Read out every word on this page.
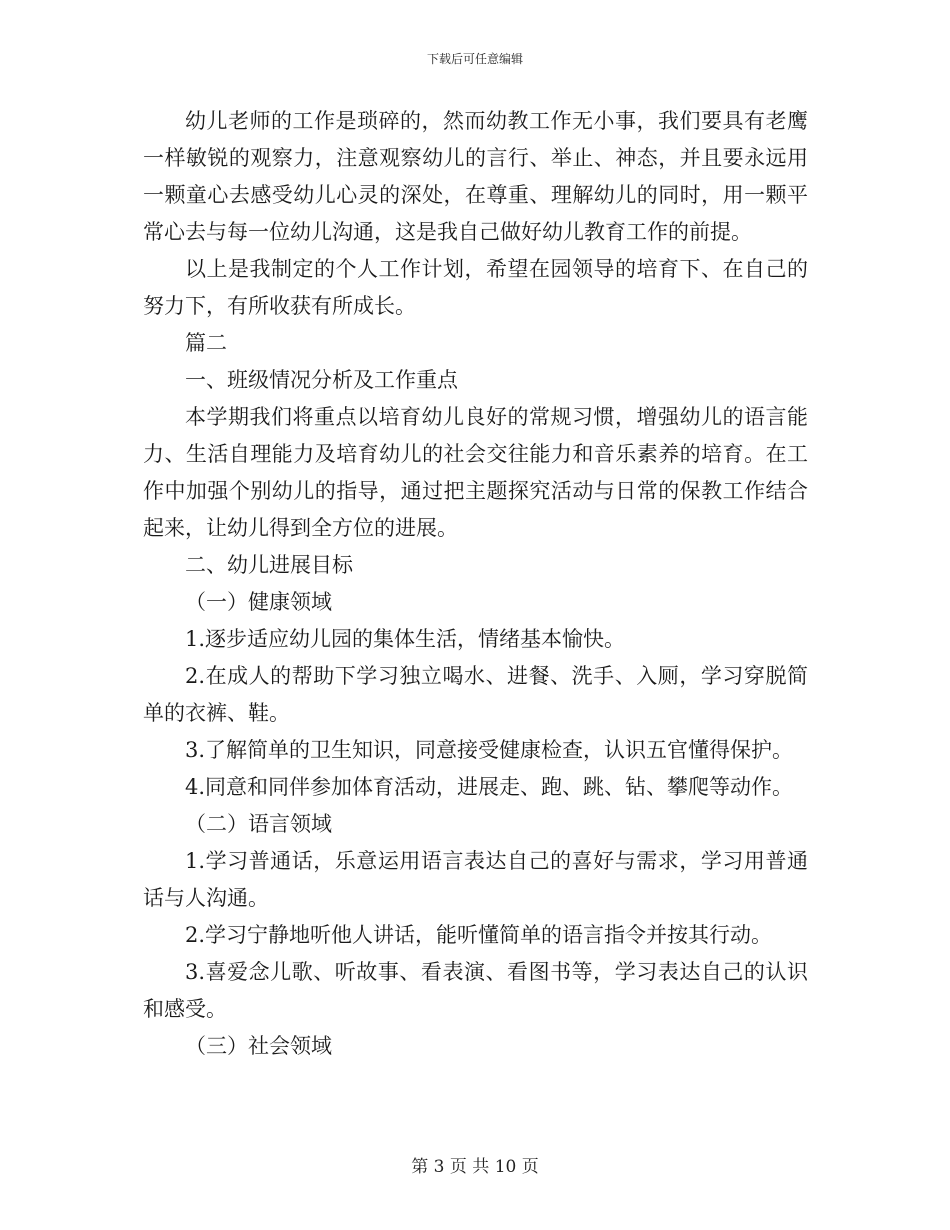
下载后可任意编辑

幼儿老师的工作是琐碎的，然而幼教工作无小事，我们要具有老鹰一样敏锐的观察力，注意观察幼儿的言行、举止、神态，并且要永远用一颗童心去感受幼儿心灵的深处，在尊重、理解幼儿的同时，用一颗平常心去与每一位幼儿沟通，这是我自己做好幼儿教育工作的前提。

以上是我制定的个人工作计划，希望在园领导的培育下、在自己的努力下，有所收获有所成长。

篇二

一、班级情况分析及工作重点

本学期我们将重点以培育幼儿良好的常规习惯，增强幼儿的语言能力、生活自理能力及培育幼儿的社会交往能力和音乐素养的培育。在工作中加强个别幼儿的指导，通过把主题探究活动与日常的保教工作结合起来，让幼儿得到全方位的进展。

二、幼儿进展目标

（一）健康领域

1.逐步适应幼儿园的集体生活，情绪基本愉快。

2.在成人的帮助下学习独立喝水、进餐、洗手、入厕，学习穿脱简单的衣裤、鞋。

3.了解简单的卫生知识，同意接受健康检查，认识五官懂得保护。

4.同意和同伴参加体育活动，进展走、跑、跳、钻、攀爬等动作。

（二）语言领域

1.学习普通话，乐意运用语言表达自己的喜好与需求，学习用普通话与人沟通。

2.学习宁静地听他人讲话，能听懂简单的语言指令并按其行动。

3.喜爱念儿歌、听故事、看表演、看图书等，学习表达自己的认识和感受。

（三）社会领域

第 3 页 共 10 页
